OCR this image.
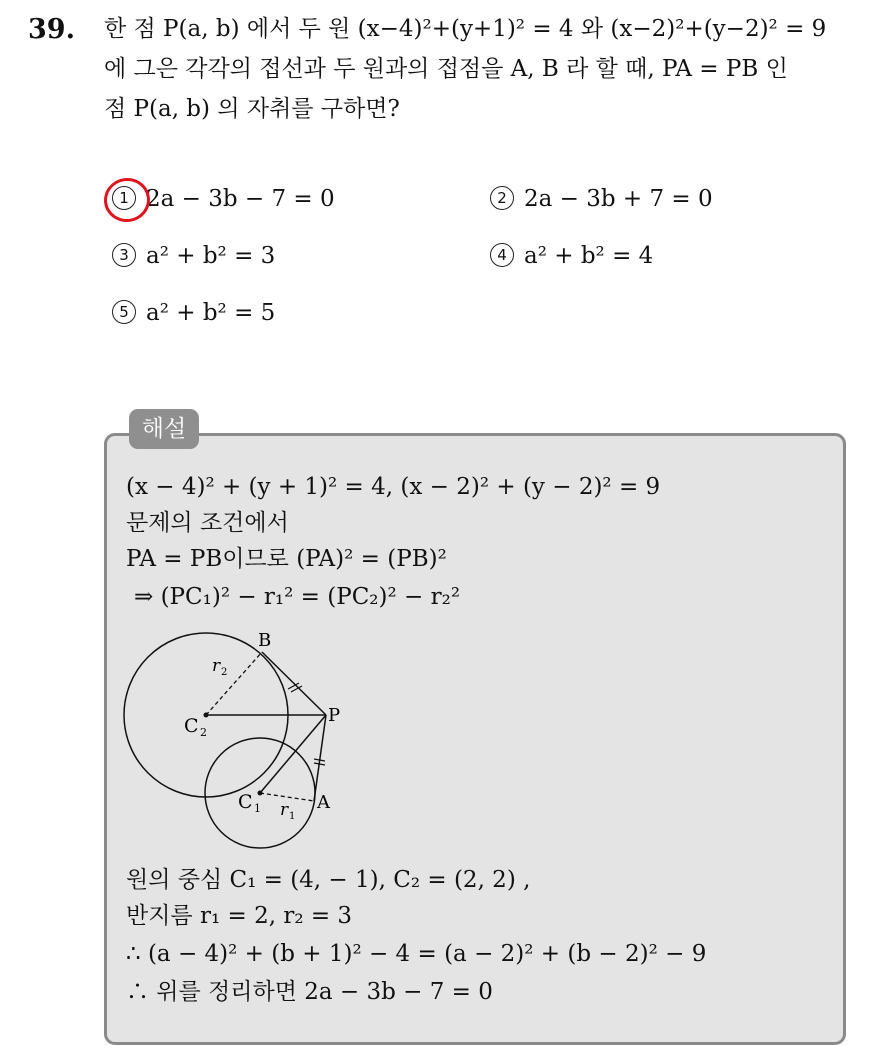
39. 한 점 P(a, b) 에서 두 원 (x−4)²+(y+1)² = 4 와 (x−2)²+(y−2)² = 9
에 그은 각각의 접선과 두 원과의 접점을 A, B 라 할 때, PA = PB 인
점 P(a, b) 의 자취를 구하면?
1 2a − 3b − 7 = 0	2 2a − 3b + 7 = 0
3 a² + b² = 3	4 a² + b² = 4
5 a² + b² = 5
해설
(x − 4)² + (y + 1)² = 4, (x − 2)² + (y − 2)² = 9
문제의 조건에서
PA = PB이므로 (PA)² = (PB)²
⇒ (PC₁)² − r₁² = (PC₂)² − r₂²
B
P
A
C 2
C 1
r 2
r 1
원의 중심 C₁ = (4, − 1), C₂ = (2, 2) ,
반지름 r₁ = 2, r₂ = 3
∴ (a − 4)² + (b + 1)² − 4 = (a − 2)² + (b − 2)² − 9
∴ 위를 정리하면 2a − 3b − 7 = 0
